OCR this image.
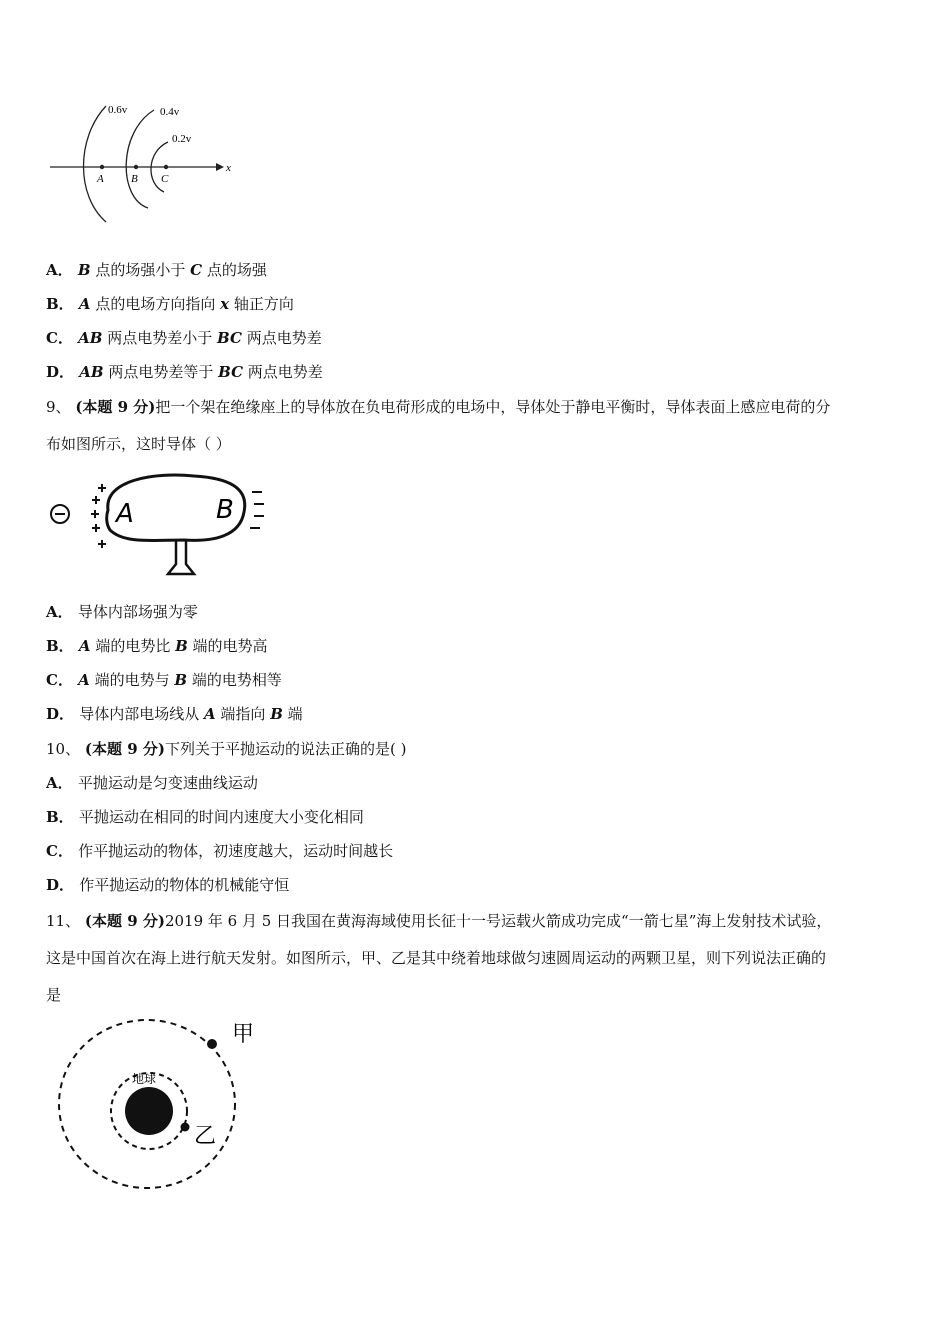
0.6v	0.4v
0.2v
A B C
x
A． B 点的场强小于 C 点的场强
B． A 点的电场方向指向 x 轴正方向
C． AB 两点电势差小于 BC 两点电势差
D． AB 两点电势差等于 BC 两点电势差
9、 (本题 9 分)把一个架在绝缘座上的导体放在负电荷形成的电场中，导体处于静电平衡时，导体表面上感应电荷的分
布如图所示，这时导体（ ）
A	B
A． 导体内部场强为零
B． A 端的电势比 B 端的电势高
C． A 端的电势与 B 端的电势相等
D． 导体内部电场线从 A 端指向 B 端
10、 (本题 9 分)下列关于平抛运动的说法正确的是( )
A． 平抛运动是匀变速曲线运动
B． 平抛运动在相同的时间内速度大小变化相同
C． 作平抛运动的物体，初速度越大，运动时间越长
D． 作平抛运动的物体的机械能守恒
11、 (本题 9 分)2019 年 6 月 5 日我国在黄海海域使用长征十一号运载火箭成功完成“一箭七星”海上发射技术试验，
这是中国首次在海上进行航天发射。如图所示，甲、乙是其中绕着地球做匀速圆周运动的两颗卫星，则下列说法正确的
是
地球
甲
乙
